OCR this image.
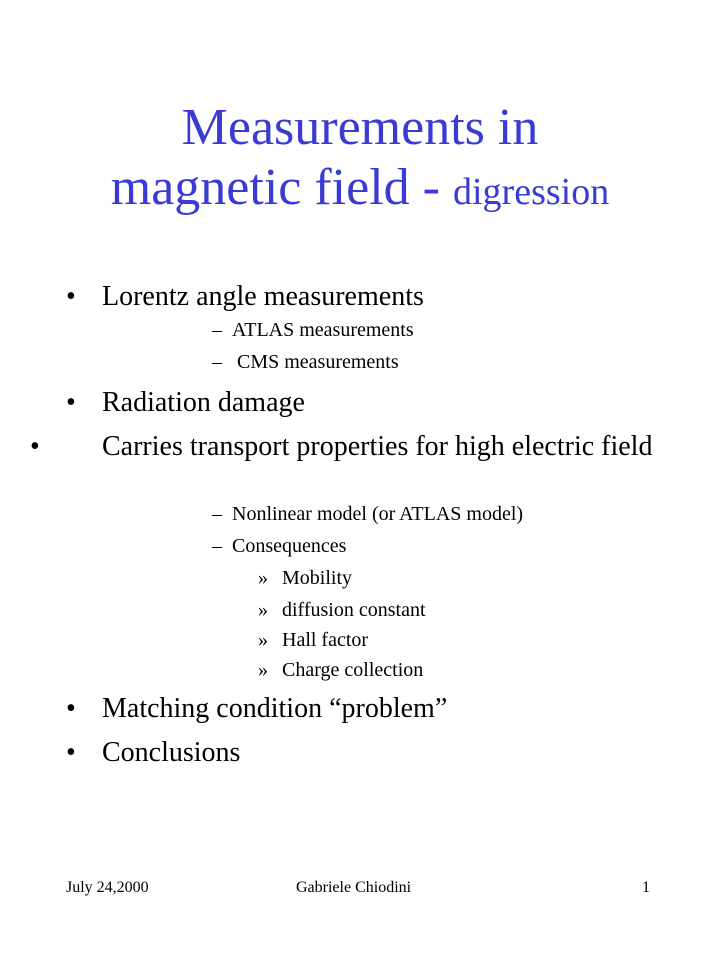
Measurements in
magnetic field - digression
• Lorentz angle measurements
– ATLAS measurements
– CMS measurements
• Radiation damage
• Carries transport properties for high electric field
– Nonlinear model (or ATLAS model)
– Consequences
» Mobility
» diffusion constant
» Hall factor
» Charge collection
• Matching condition “problem”
• Conclusions
July 24,2000	Gabriele Chiodini	1
